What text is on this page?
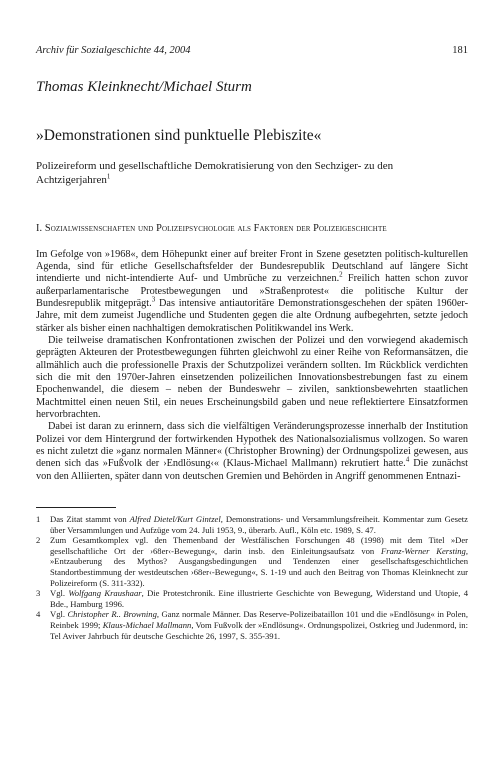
Archiv für Sozialgeschichte 44, 2004	181
Thomas Kleinknecht/Michael Sturm
»Demonstrationen sind punktuelle Plebiszite«
Polizeireform und gesellschaftliche Demokratisierung von den Sechziger- zu den Achtzigerjahren$^1$
I. Sozialwissenschaften und Polizeipsychologie als Faktoren der Polizeigeschichte

Im Gefolge von »1968«, dem Höhepunkt einer auf breiter Front in Szene gesetzten politisch-kulturellen Agenda, sind für etliche Gesellschaftsfelder der Bundesrepublik Deutschland auf längere Sicht intendierte und nicht-intendierte Auf- und Umbrüche zu verzeichnen.$^2$ Freilich hatten schon zuvor außerparlamentarische Protestbewegungen und »Straßenprotest« die politische Kultur der Bundesrepublik mitgeprägt.$^3$ Das intensive antiautoritäre Demonstrationsgeschehen der späten 1960er-Jahre, mit dem zumeist Jugendliche und Studenten gegen die alte Ordnung aufbegehrten, setzte jedoch stärker als bisher einen nachhaltigen demokratischen Politikwandel ins Werk.

Die teilweise dramatischen Konfrontationen zwischen der Polizei und den vorwiegend akademisch geprägten Akteuren der Protestbewegungen führten gleichwohl zu einer Reihe von Reformansätzen, die allmählich auch die professionelle Praxis der Schutzpolizei verändern sollten. Im Rückblick verdichten sich die mit den 1970er-Jahren einsetzenden polizeilichen Innovationsbestrebungen fast zu einem Epochenwandel, die diesem – neben der Bundeswehr – zivilen, sanktionsbewehrten staatlichen Machtmittel einen neuen Stil, ein neues Erscheinungsbild gaben und neue reflektiertere Einsatzformen hervorbrachten.

Dabei ist daran zu erinnern, dass sich die vielfältigen Veränderungsprozesse innerhalb der Institution Polizei vor dem Hintergrund der fortwirkenden Hypothek des Nationalsozialismus vollzogen. So waren es nicht zuletzt die »ganz normalen Männer« (Christopher Browning) der Ordnungspolizei gewesen, aus denen sich das »Fußvolk der ›Endlösung‹« (Klaus-Michael Mallmann) rekrutiert hatte.$^4$ Die zunächst von den Alliierten, später dann von deutschen Gremien und Behörden in Angriff genommenen Entnazi-

1	Das Zitat stammt von Alfred Dietel/Kurt Gintzel, Demonstrations- und Versammlungsfreiheit. Kommentar zum Gesetz über Versammlungen und Aufzüge vom 24. Juli 1953, 9., überarb. Aufl., Köln etc. 1989, S. 47.
2	Zum Gesamtkomplex vgl. den Themenband der Westfälischen Forschungen 48 (1998) mit dem Titel »Der gesellschaftliche Ort der ›68er‹-Bewegung«, darin insb. den Einleitungsaufsatz von Franz-Werner Kersting, »Entzauberung des Mythos? Ausgangsbedingungen und Tendenzen einer gesellschaftsgeschichtlichen Standortbestimmung der westdeutschen ›68er‹-Bewegung«, S. 1-19 und auch den Beitrag von Thomas Kleinknecht zur Polizeireform (S. 311-332).
3	Vgl. Wolfgang Kraushaar, Die Protestchronik. Eine illustrierte Geschichte von Bewegung, Widerstand und Utopie, 4 Bde., Hamburg 1996.
4	Vgl. Christopher R.. Browning, Ganz normale Männer. Das Reserve-Polizeibataillon 101 und die »Endlösung« in Polen, Reinbek 1999; Klaus-Michael Mallmann, Vom Fußvolk der »Endlösung«. Ordnungspolizei, Ostkrieg und Judenmord, in: Tel Aviver Jahrbuch für deutsche Geschichte 26, 1997, S. 355-391.
